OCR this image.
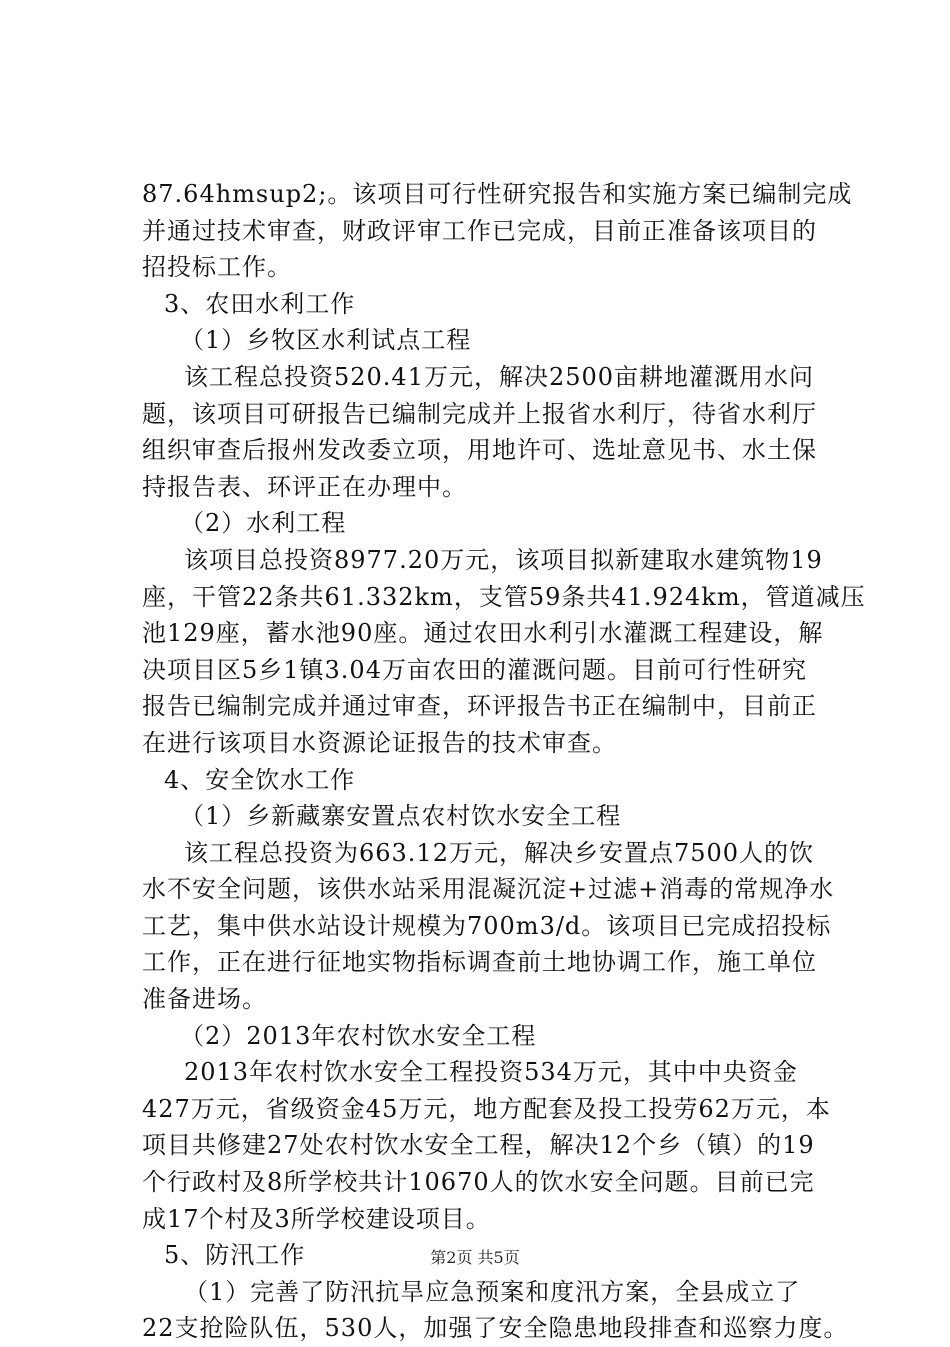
87.64hmsup2;。该项目可行性研究报告和实施方案已编制完成
并通过技术审查，财政评审工作已完成，目前正准备该项目的
招投标工作。
3、农田水利工作
（1）乡牧区水利试点工程
该工程总投资520.41万元，解决2500亩耕地灌溉用水问
题，该项目可研报告已编制完成并上报省水利厅，待省水利厅
组织审查后报州发改委立项，用地许可、选址意见书、水土保
持报告表、环评正在办理中。
（2）水利工程
该项目总投资8977.20万元，该项目拟新建取水建筑物19
座，干管22条共61.332km，支管59条共41.924km，管道减压
池129座，蓄水池90座。通过农田水利引水灌溉工程建设，解
决项目区5乡1镇3.04万亩农田的灌溉问题。目前可行性研究
报告已编制完成并通过审查，环评报告书正在编制中，目前正
在进行该项目水资源论证报告的技术审查。
4、安全饮水工作
（1）乡新藏寨安置点农村饮水安全工程
该工程总投资为663.12万元，解决乡安置点7500人的饮
水不安全问题，该供水站采用混凝沉淀+过滤+消毒的常规净水
工艺，集中供水站设计规模为700m3/d。该项目已完成招投标
工作，正在进行征地实物指标调查前土地协调工作，施工单位
准备进场。
（2）2013年农村饮水安全工程
2013年农村饮水安全工程投资534万元，其中中央资金
427万元，省级资金45万元，地方配套及投工投劳62万元，本
项目共修建27处农村饮水安全工程，解决12个乡（镇）的19
个行政村及8所学校共计10670人的饮水安全问题。目前已完
成17个村及3所学校建设项目。
5、防汛工作
（1）完善了防汛抗旱应急预案和度汛方案，全县成立了
22支抢险队伍，530人，加强了安全隐患地段排查和巡察力度。
第2页 共5页
